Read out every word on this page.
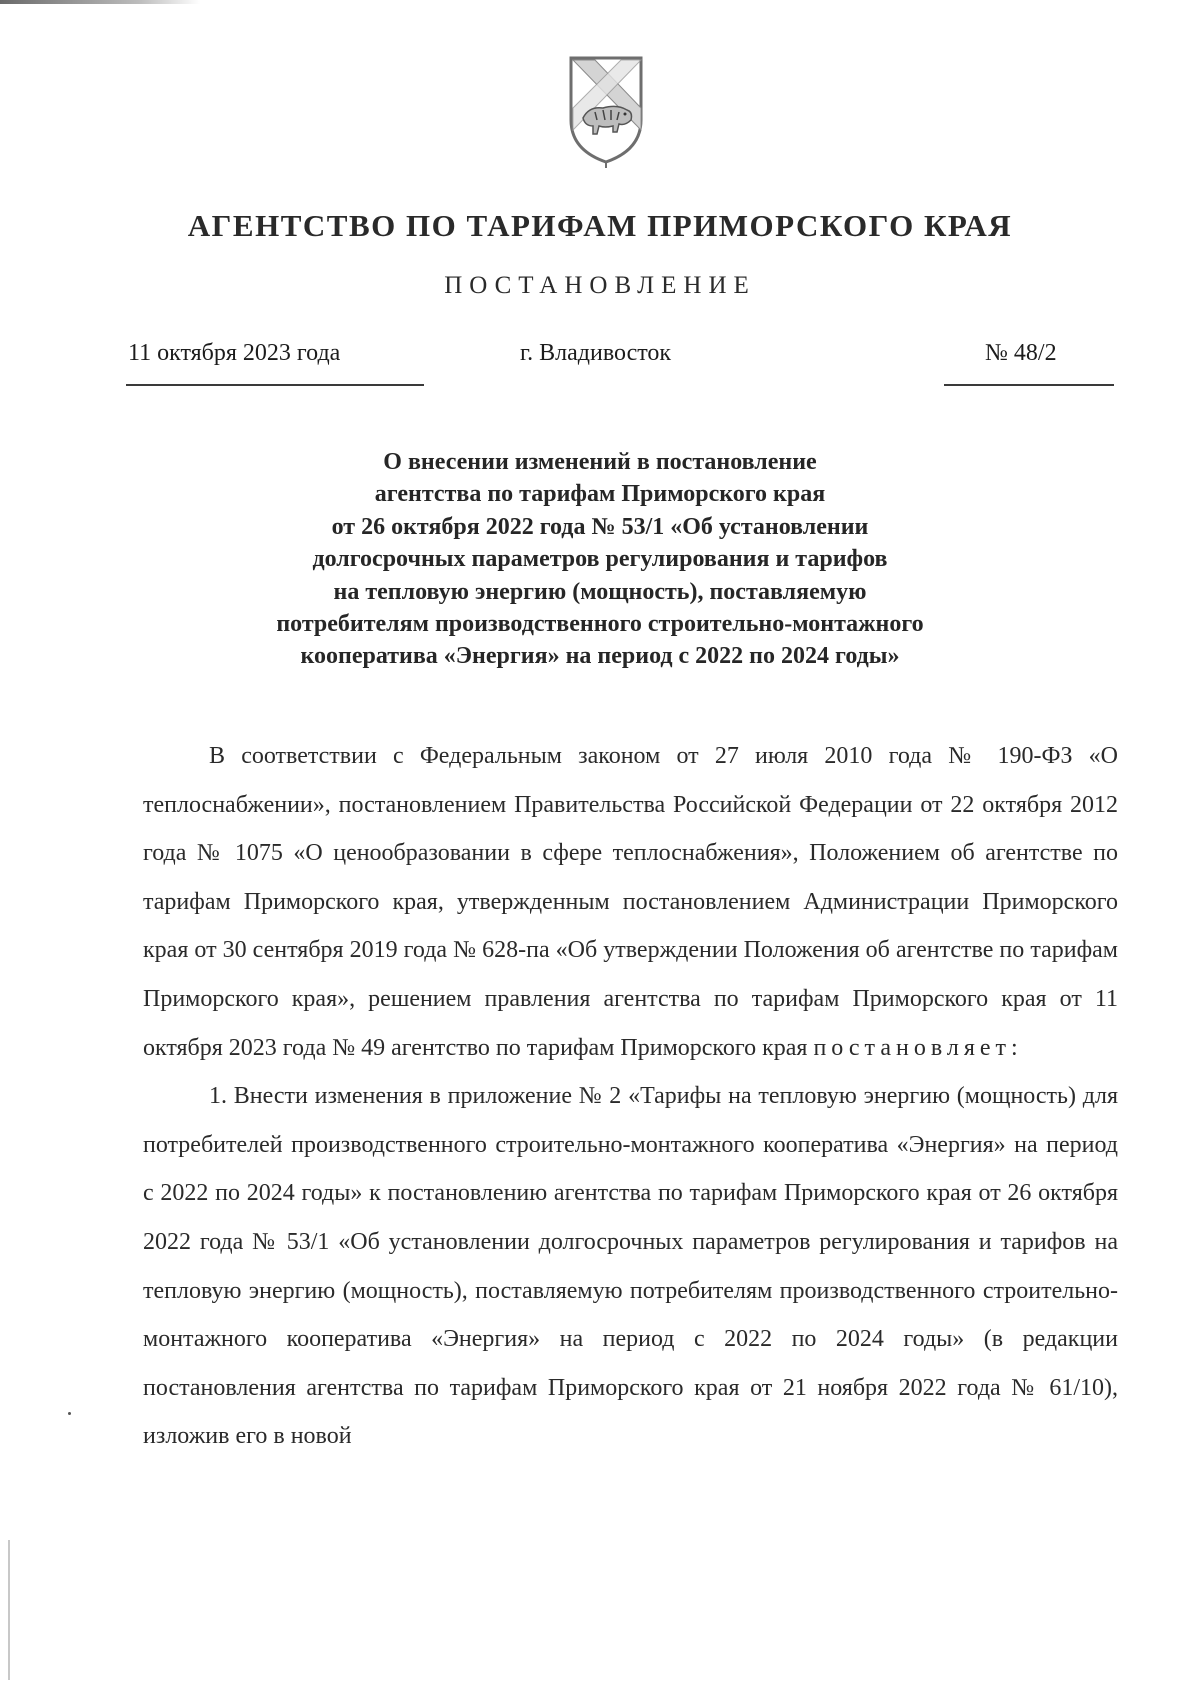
АГЕНТСТВО ПО ТАРИФАМ ПРИМОРСКОГО КРАЯ
ПОСТАНОВЛЕНИЕ
11 октября 2023 года	г. Владивосток	№ 48/2
О внесении изменений в постановление
агентства по тарифам Приморского края
от 26 октября 2022 года № 53/1 «Об установлении
долгосрочных параметров регулирования и тарифов
на тепловую энергию (мощность), поставляемую
потребителям производственного строительно-монтажного
кооператива «Энергия» на период с 2022 по 2024 годы»

В соответствии с Федеральным законом от 27 июля 2010 года № 190-ФЗ «О теплоснабжении», постановлением Правительства Российской Федерации от 22 октября 2012 года № 1075 «О ценообразовании в сфере теплоснабжения», Положением об агентстве по тарифам Приморского края, утвержденным постановлением Администрации Приморского края от 30 сентября 2019 года № 628-па «Об утверждении Положения об агентстве по тарифам Приморского края», решением правления агентства по тарифам Приморского края от 11 октября 2023 года № 49 агентство по тарифам Приморского края постановляет:

1. Внести изменения в приложение № 2 «Тарифы на тепловую энергию (мощность) для потребителей производственного строительно-монтажного кооператива «Энергия» на период с 2022 по 2024 годы» к постановлению агентства по тарифам Приморского края от 26 октября 2022 года № 53/1 «Об установлении долгосрочных параметров регулирования и тарифов на тепловую энергию (мощность), поставляемую потребителям производственного строительно-монтажного кооператива «Энергия» на период с 2022 по 2024 годы» (в редакции постановления агентства по тарифам Приморского края от 21 ноября 2022 года № 61/10), изложив его в новой
